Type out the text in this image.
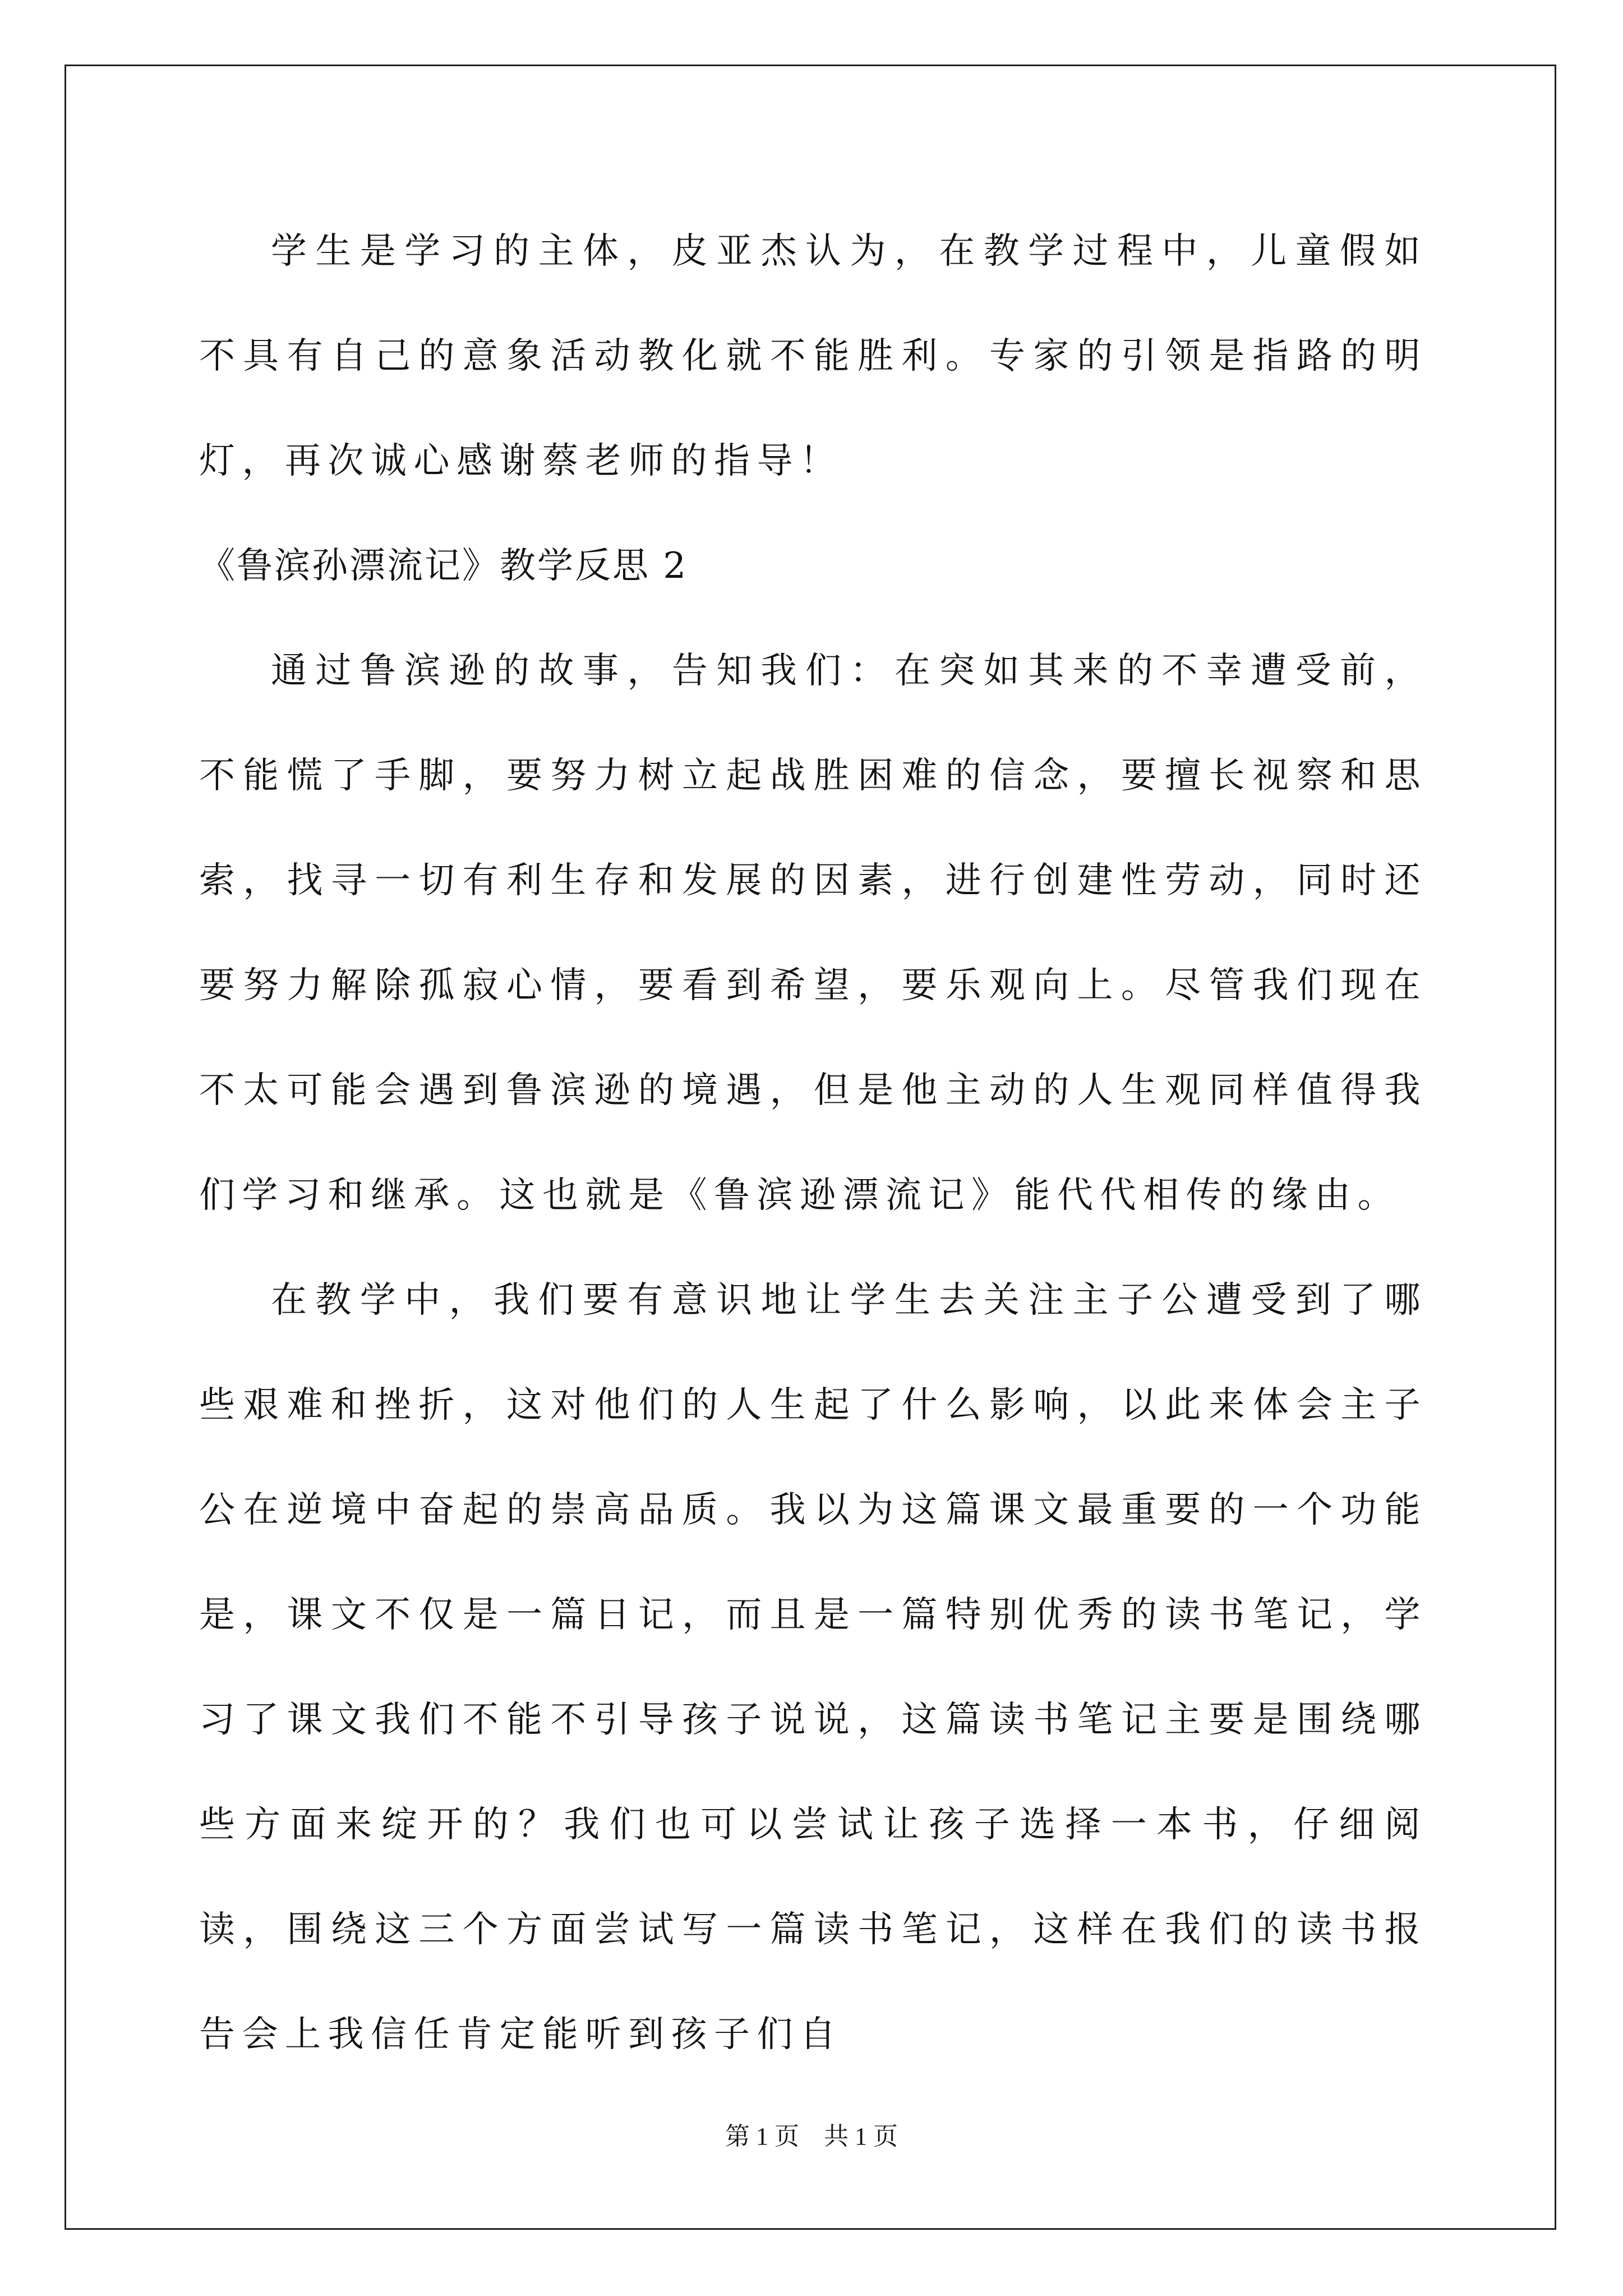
学生是学习的主体，皮亚杰认为，在教学过程中，儿童假如不具有自己的意象活动教化就不能胜利。专家的引领是指路的明灯，再次诚心感谢蔡老师的指导！

《鲁滨孙漂流记》教学反思 2

通过鲁滨逊的故事，告知我们：在突如其来的不幸遭受前，不能慌了手脚，要努力树立起战胜困难的信念，要擅长视察和思索，找寻一切有利生存和发展的因素，进行创建性劳动，同时还要努力解除孤寂心情，要看到希望，要乐观向上。尽管我们现在不太可能会遇到鲁滨逊的境遇，但是他主动的人生观同样值得我们学习和继承。这也就是《鲁滨逊漂流记》能代代相传的缘由。

在教学中，我们要有意识地让学生去关注主子公遭受到了哪些艰难和挫折，这对他们的人生起了什么影响，以此来体会主子公在逆境中奋起的崇高品质。我以为这篇课文最重要的一个功能是，课文不仅是一篇日记，而且是一篇特别优秀的读书笔记，学习了课文我们不能不引导孩子说说，这篇读书笔记主要是围绕哪些方面来绽开的？我们也可以尝试让孩子选择一本书，仔细阅读，围绕这三个方面尝试写一篇读书笔记，这样在我们的读书报告会上我信任肯定能听到孩子们自

第 1 页    共 1 页
